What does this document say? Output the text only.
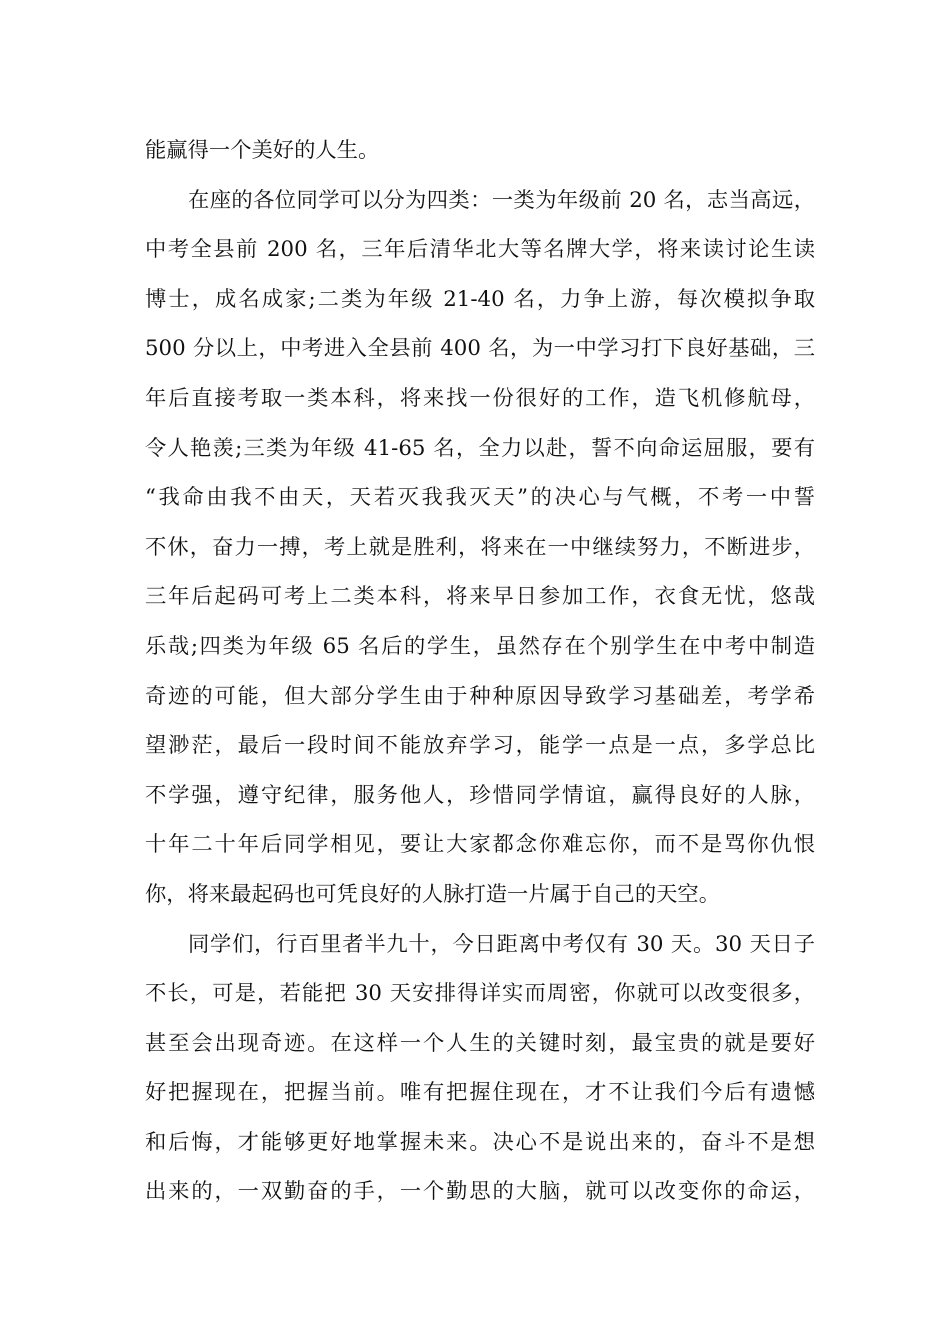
能赢得一个美好的人生。
在座的各位同学可以分为四类：一类为年级前 20 名，志当高远，
中考全县前 200 名，三年后清华北大等名牌大学，将来读讨论生读
博士，成名成家;二类为年级 21-40 名，力争上游，每次模拟争取
500 分以上，中考进入全县前 400 名，为一中学习打下良好基础，三
年后直接考取一类本科，将来找一份很好的工作，造飞机修航母，
令人艳羡;三类为年级 41-65 名，全力以赴，誓不向命运屈服，要有
“我命由我不由天，天若灭我我灭天”的决心与气概，不考一中誓
不休，奋力一搏，考上就是胜利，将来在一中继续努力，不断进步，
三年后起码可考上二类本科，将来早日参加工作，衣食无忧，悠哉
乐哉;四类为年级 65 名后的学生，虽然存在个别学生在中考中制造
奇迹的可能，但大部分学生由于种种原因导致学习基础差，考学希
望渺茫，最后一段时间不能放弃学习，能学一点是一点，多学总比
不学强，遵守纪律，服务他人，珍惜同学情谊，赢得良好的人脉，
十年二十年后同学相见，要让大家都念你难忘你，而不是骂你仇恨
你，将来最起码也可凭良好的人脉打造一片属于自己的天空。
同学们，行百里者半九十，今日距离中考仅有 30 天。30 天日子
不长，可是，若能把 30 天安排得详实而周密，你就可以改变很多，
甚至会出现奇迹。在这样一个人生的关键时刻，最宝贵的就是要好
好把握现在，把握当前。唯有把握住现在，才不让我们今后有遗憾
和后悔，才能够更好地掌握未来。决心不是说出来的，奋斗不是想
出来的，一双勤奋的手，一个勤思的大脑，就可以改变你的命运，
